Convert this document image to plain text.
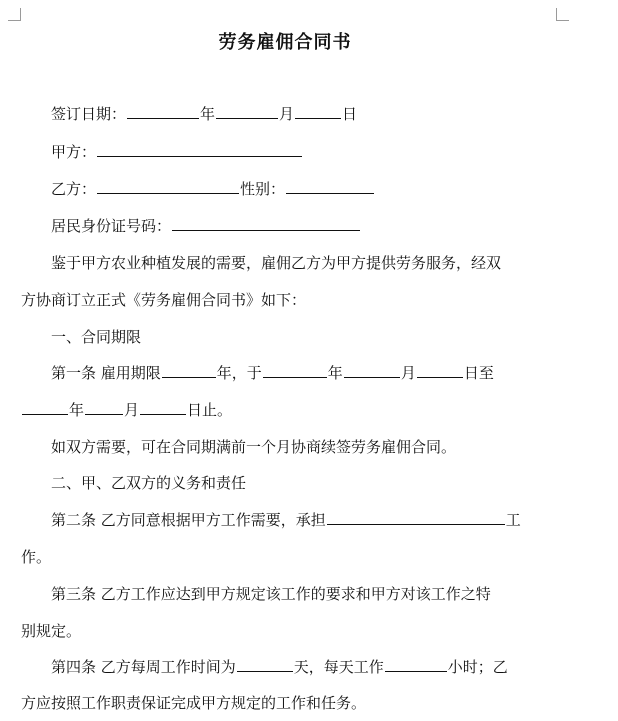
劳务雇佣合同书
签订日期：	年	月	日
甲方：
乙方：	性别：
居民身份证号码：
鉴于甲方农业种植发展的需要，雇佣乙方为甲方提供劳务服务，经双
方协商订立正式《劳务雇佣合同书》如下：
一、合同期限
第一条 雇用期限	年，于	年	月	日至
年	月	日止。
如双方需要，可在合同期满前一个月协商续签劳务雇佣合同。
二、甲、乙双方的义务和责任
第二条 乙方同意根据甲方工作需要，承担	工
作。
第三条 乙方工作应达到甲方规定该工作的要求和甲方对该工作之特
别规定。
第四条 乙方每周工作时间为	天，每天工作	小时；乙
方应按照工作职责保证完成甲方规定的工作和任务。
